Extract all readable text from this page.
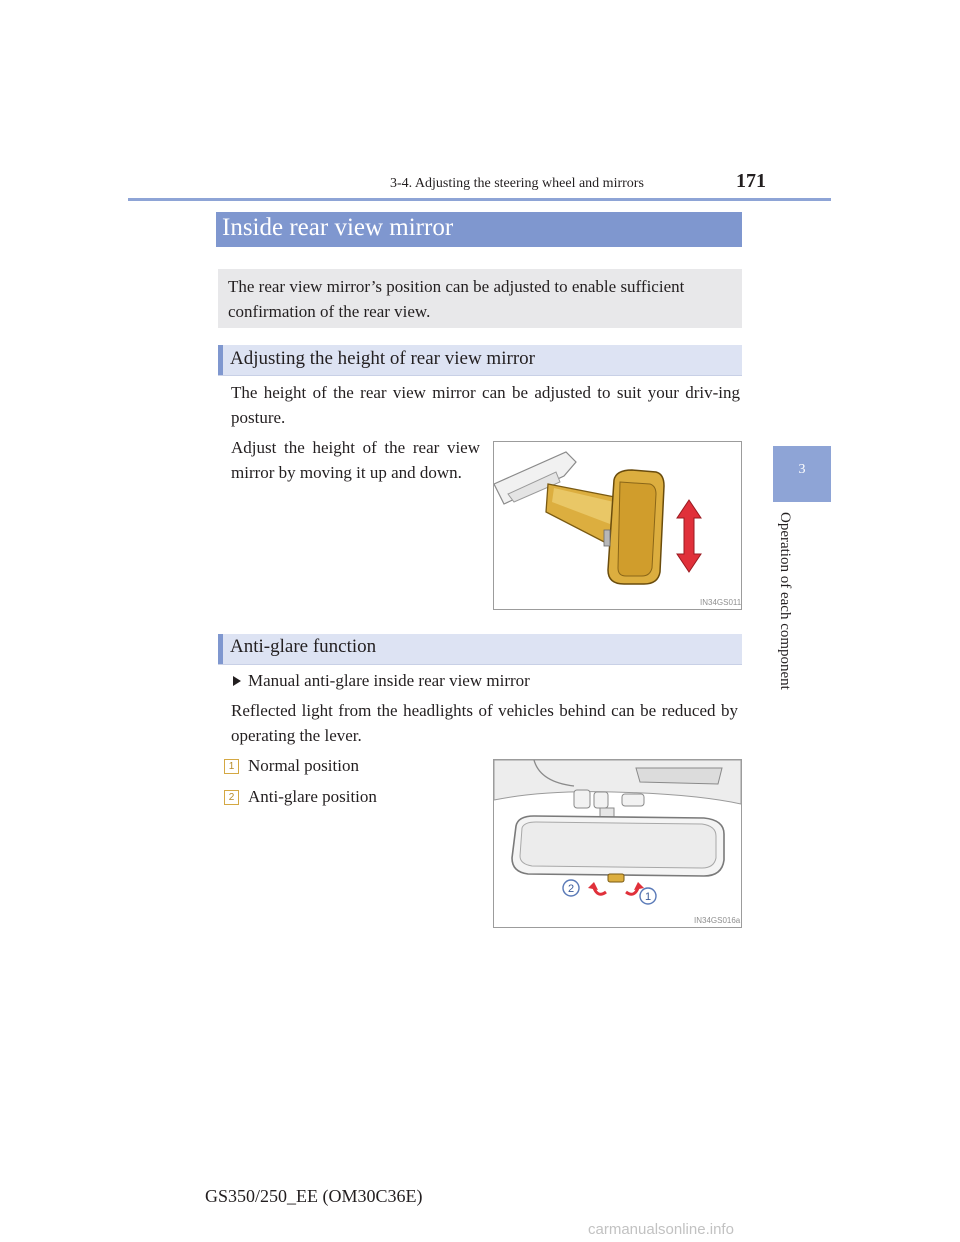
3-4. Adjusting the steering wheel and mirrors	171
3
Operation of each component
Inside rear view mirror
The rear view mirror’s position can be adjusted to enable sufficient confirmation of the rear view.
Adjusting the height of rear view mirror
The height of the rear view mirror can be adjusted to suit your driv-ing posture.
Adjust the height of the rear view mirror by moving it up and down.
IN34GS011
Anti-glare function
Manual anti-glare inside rear view mirror
Reflected light from the headlights of vehicles behind can be reduced by operating the lever.
1 Normal position
2 Anti-glare position
2
1
IN34GS016a
GS350/250_EE (OM30C36E)
carmanualsonline.info
